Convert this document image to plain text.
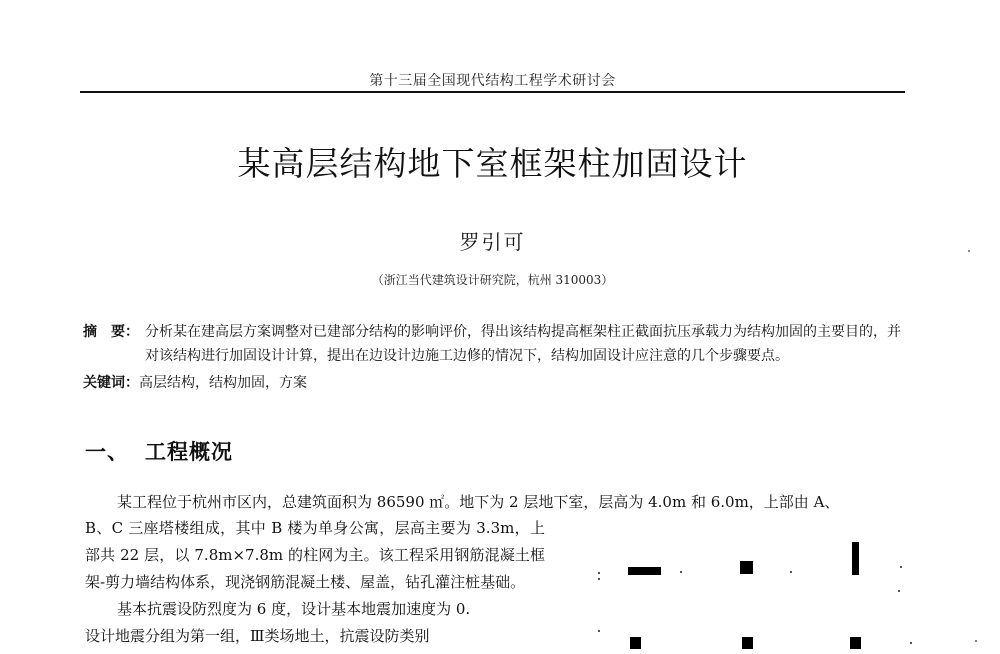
第十三届全国现代结构工程学术研讨会
某高层结构地下室框架柱加固设计
罗引可
（浙江当代建筑设计研究院，杭州 310003）
摘　要： 分析某在建高层方案调整对已建部分结构的影响评价，得出该结构提高框架柱正截面抗压承载力为结构加固的主要目的，并对该结构进行加固设计计算，提出在边设计边施工边修的情况下，结构加固设计应注意的几个步骤要点。
关键词：高层结构，结构加固，方案
一、 工程概况
某工程位于杭州市区内，总建筑面积为 86590 ㎡。地下为 2 层地下室，层高为 4.0m 和 6.0m，上部由 A、

B、C 三座塔楼组成，其中 B 楼为单身公寓，层高主要为 3.3m，上部共 22 层，以 7.8m×7.8m 的柱网为主。该工程采用钢筋混凝土框架-剪力墙结构体系，现浇钢筋混凝土楼、屋盖，钻孔灌注桩基础。

基本抗震设防烈度为 6 度，设计基本地震加速度为 0.

设计地震分组为第一组，Ⅲ类场地土，抗震设防类别
